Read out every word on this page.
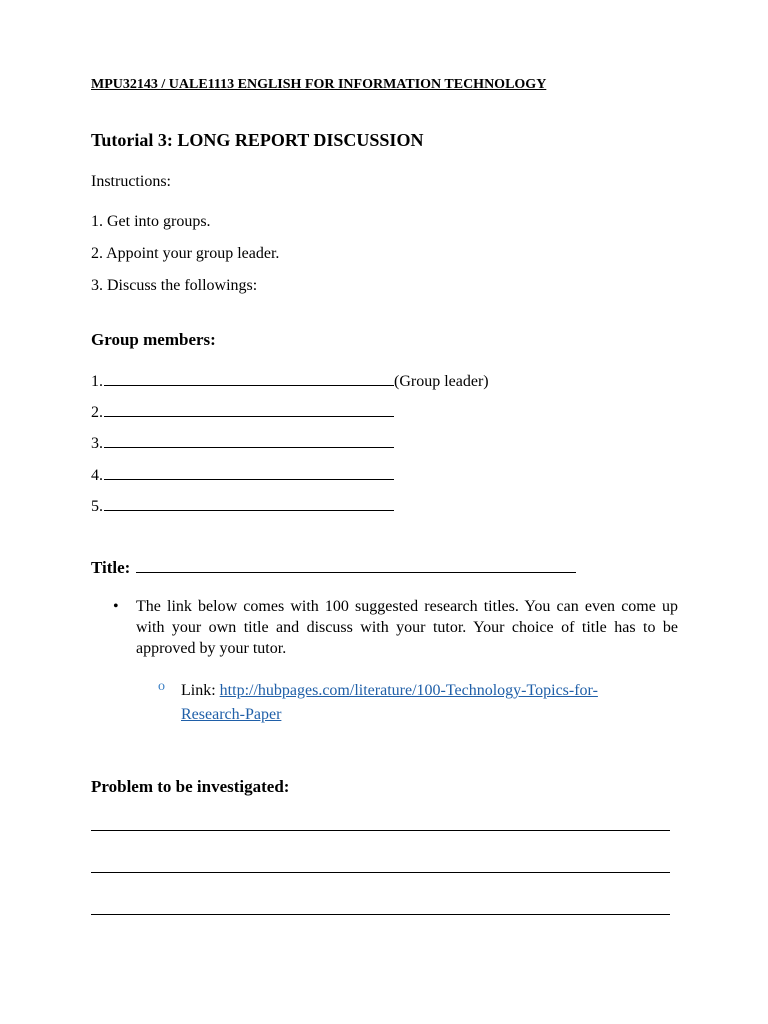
MPU32143 / UALE1113 ENGLISH FOR INFORMATION TECHNOLOGY
Tutorial 3: LONG REPORT DISCUSSION
Instructions:
1. Get into groups.
2. Appoint your group leader.
3. Discuss the followings:
Group members:
1.	(Group leader)
2.
3.
4.
5.
Title:
• The link below comes with 100 suggested research titles. You can even come up with your own title and discuss with your tutor. Your choice of title has to be approved by your tutor.
o Link: http://hubpages.com/literature/100-Technology-Topics-for-
Research-Paper
Problem to be investigated:
